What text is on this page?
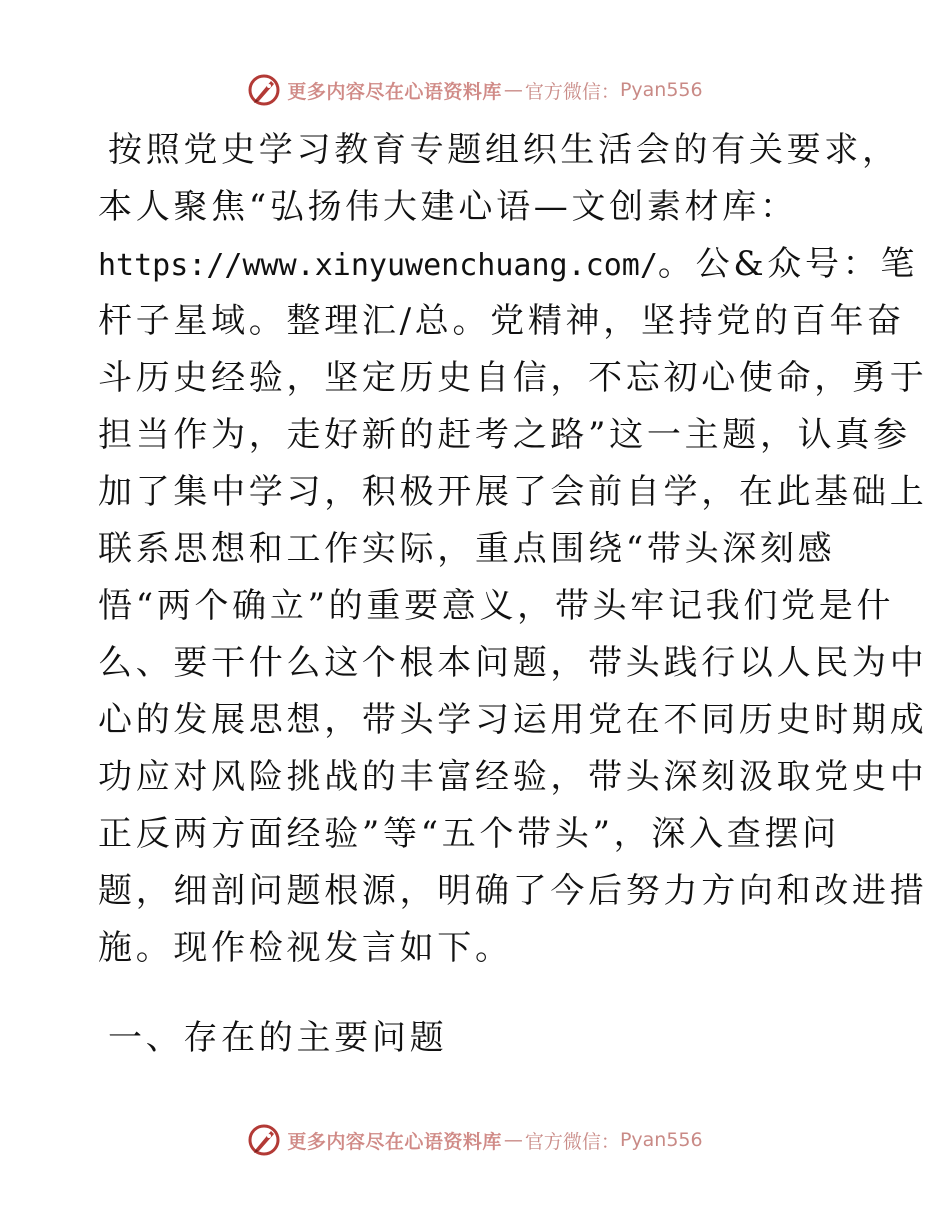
更多内容尽在心语资料库 — 官方微信 ： Pyan556
按照党史学习教育专题组织生活会的有关要求，
本人聚焦“弘扬伟大建心语—文创素材库：
https://www.xinyuwenchuang.com/。公&众号：笔
杆子星域。整理汇/总。党精神，坚持党的百年奋
斗历史经验，坚定历史自信，不忘初心使命，勇于
担当作为，走好新的赶考之路”这一主题，认真参
加了集中学习，积极开展了会前自学，在此基础上
联系思想和工作实际，重点围绕“带头深刻感
悟“两个确立”的重要意义，带头牢记我们党是什
么、要干什么这个根本问题，带头践行以人民为中
心的发展思想，带头学习运用党在不同历史时期成
功应对风险挑战的丰富经验，带头深刻汲取党史中
正反两方面经验”等“五个带头”，深入查摆问
题，细剖问题根源，明确了今后努力方向和改进措
施。现作检视发言如下。
一、存在的主要问题
更多内容尽在心语资料库 — 官方微信 ： Pyan556
